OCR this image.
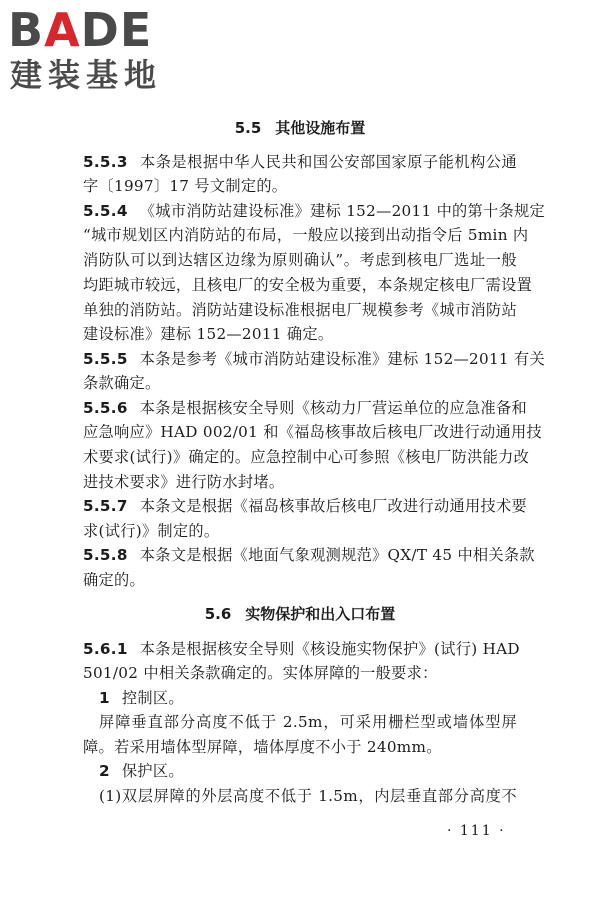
BADE
建装基地
5.5 其他设施布置
5.5.3 本条是根据中华人民共和国公安部国家原子能机构公通
字〔1997〕17 号文制定的。
5.5.4 《城市消防站建设标准》建标 152—2011 中的第十条规定
“城市规划区内消防站的布局，一般应以接到出动指令后 5min 内
消防队可以到达辖区边缘为原则确认”。考虑到核电厂选址一般
均距城市较远，且核电厂的安全极为重要，本条规定核电厂需设置
单独的消防站。消防站建设标准根据电厂规模参考《城市消防站
建设标准》建标 152—2011 确定。
5.5.5 本条是参考《城市消防站建设标准》建标 152—2011 有关
条款确定。
5.5.6 本条是根据核安全导则《核动力厂营运单位的应急准备和
应急响应》HAD 002/01 和《福岛核事故后核电厂改进行动通用技
术要求(试行)》确定的。应急控制中心可参照《核电厂防洪能力改
进技术要求》进行防水封堵。
5.5.7 本条文是根据《福岛核事故后核电厂改进行动通用技术要
求(试行)》制定的。
5.5.8 本条文是根据《地面气象观测规范》QX/T 45 中相关条款
确定的。
5.6 实物保护和出入口布置
5.6.1 本条是根据核安全导则《核设施实物保护》(试行) HAD
501/02 中相关条款确定的。实体屏障的一般要求：
1 控制区。
屏障垂直部分高度不低于 2.5m，可采用栅栏型或墙体型屏
障。若采用墙体型屏障，墙体厚度不小于 240mm。
2 保护区。
(1)双层屏障的外层高度不低于 1.5m，内层垂直部分高度不
· 111 ·
